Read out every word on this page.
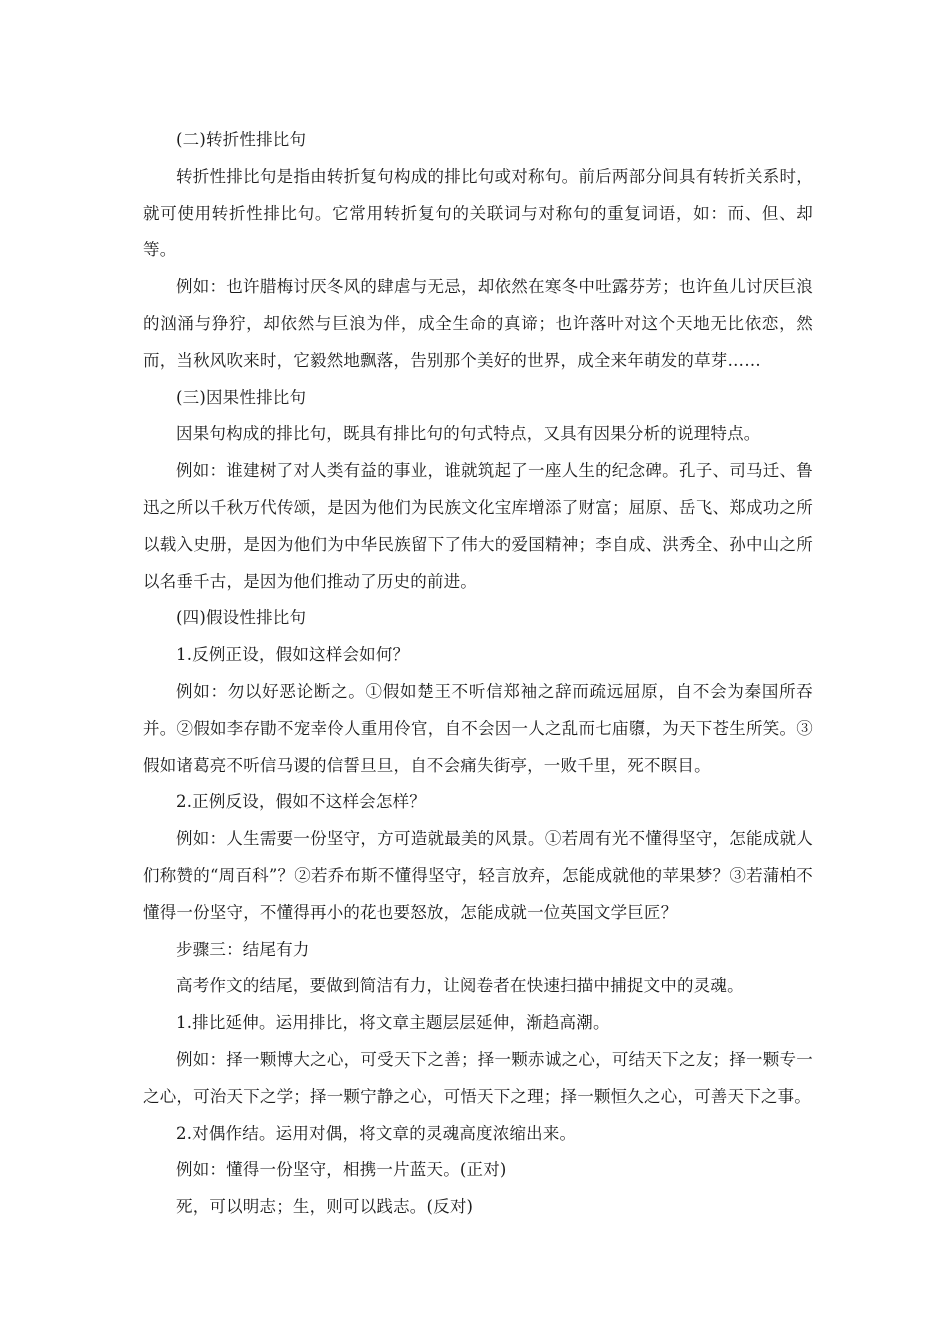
(二)转折性排比句

转折性排比句是指由转折复句构成的排比句或对称句。前后两部分间具有转折关系时，就可使用转折性排比句。它常用转折复句的关联词与对称句的重复词语，如：而、但、却等。

例如：也许腊梅讨厌冬风的肆虐与无忌，却依然在寒冬中吐露芬芳；也许鱼儿讨厌巨浪的汹涌与狰狞，却依然与巨浪为伴，成全生命的真谛；也许落叶对这个天地无比依恋，然而，当秋风吹来时，它毅然地飘落，告别那个美好的世界，成全来年萌发的草芽……

(三)因果性排比句

因果句构成的排比句，既具有排比句的句式特点，又具有因果分析的说理特点。

例如：谁建树了对人类有益的事业，谁就筑起了一座人生的纪念碑。孔子、司马迁、鲁迅之所以千秋万代传颂，是因为他们为民族文化宝库增添了财富；屈原、岳飞、郑成功之所以载入史册，是因为他们为中华民族留下了伟大的爱国精神；李自成、洪秀全、孙中山之所以名垂千古，是因为他们推动了历史的前进。

(四)假设性排比句

1.反例正设，假如这样会如何？

例如：勿以好恶论断之。①假如楚王不听信郑袖之辞而疏远屈原，自不会为秦国所吞并。②假如李存勖不宠幸伶人重用伶官，自不会因一人之乱而七庙隳，为天下苍生所笑。③假如诸葛亮不听信马谡的信誓旦旦，自不会痛失街亭，一败千里，死不瞑目。

2.正例反设，假如不这样会怎样？

例如：人生需要一份坚守，方可造就最美的风景。①若周有光不懂得坚守，怎能成就人们称赞的“周百科”？②若乔布斯不懂得坚守，轻言放弃，怎能成就他的苹果梦？③若蒲柏不懂得一份坚守，不懂得再小的花也要怒放，怎能成就一位英国文学巨匠？

步骤三：结尾有力

高考作文的结尾，要做到简洁有力，让阅卷者在快速扫描中捕捉文中的灵魂。

1.排比延伸。运用排比，将文章主题层层延伸，渐趋高潮。

例如：择一颗博大之心，可受天下之善；择一颗赤诚之心，可结天下之友；择一颗专一之心，可治天下之学；择一颗宁静之心，可悟天下之理；择一颗恒久之心，可善天下之事。

2.对偶作结。运用对偶，将文章的灵魂高度浓缩出来。

例如：懂得一份坚守，相携一片蓝天。(正对)

死，可以明志；生，则可以践志。(反对)
